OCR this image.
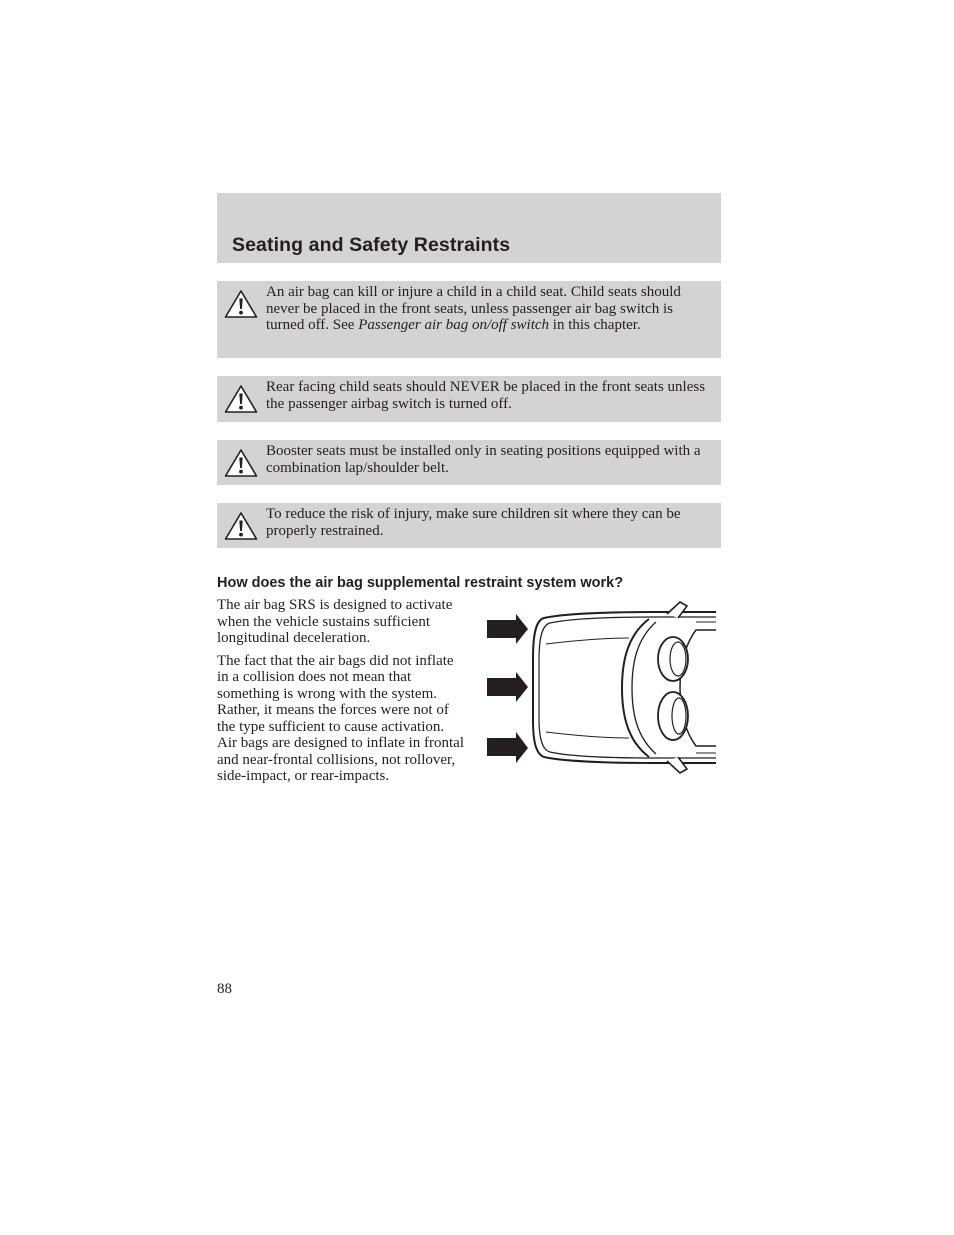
Seating and Safety Restraints

An air bag can kill or injure a child in a child seat. Child seats should never be placed in the front seats, unless passenger air bag switch is turned off. See Passenger air bag on/off switch in this chapter.

Rear facing child seats should NEVER be placed in the front seats unless the passenger airbag switch is turned off.

Booster seats must be installed only in seating positions equipped with a combination lap/shoulder belt.

To reduce the risk of injury, make sure children sit where they can be properly restrained.

How does the air bag supplemental restraint system work?

The air bag SRS is designed to activate when the vehicle sustains sufficient longitudinal deceleration.

The fact that the air bags did not inflate in a collision does not mean that something is wrong with the system. Rather, it means the forces were not of the type sufficient to cause activation. Air bags are designed to inflate in frontal and near-frontal collisions, not rollover, side-impact, or rear-impacts.

88
